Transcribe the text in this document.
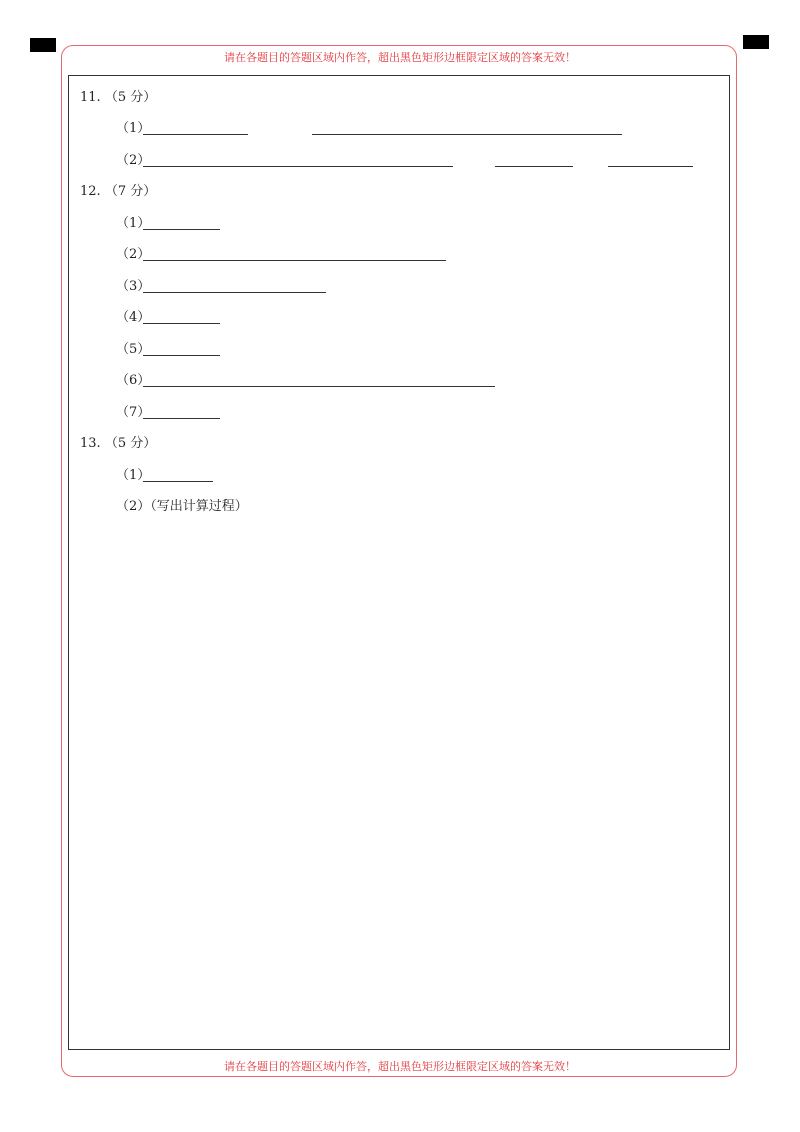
请在各题目的答题区域内作答，超出黑色矩形边框限定区域的答案无效！
11. （5 分）
（1）
（2）
12. （7 分）
（1）
（2）
（3）
（4）
（5）
（6）
（7）
13. （5 分）
（1）
（2）（写出计算过程）
请在各题目的答题区域内作答，超出黑色矩形边框限定区域的答案无效！
